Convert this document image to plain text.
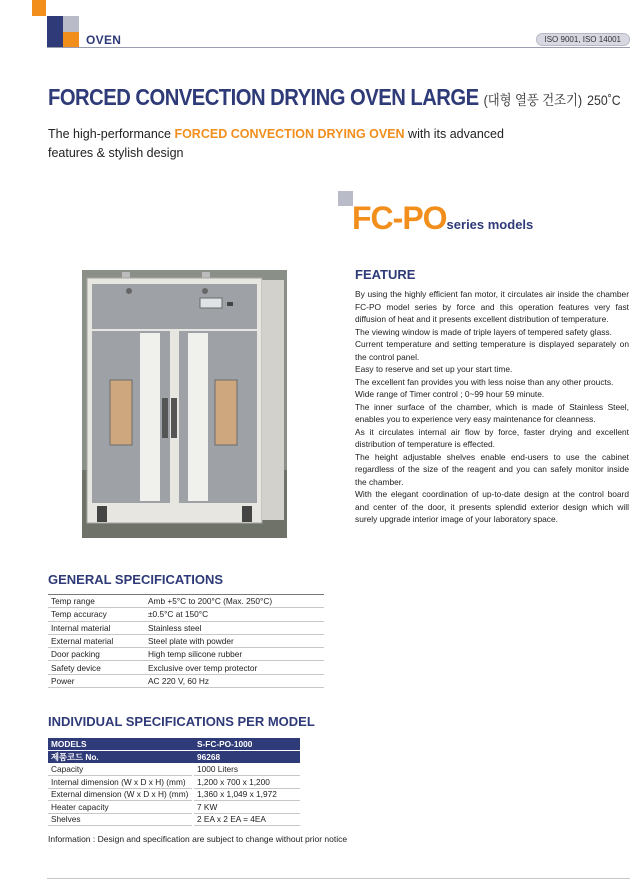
OVEN	ISO 9001, ISO 14001
FORCED CONVECTION DRYING OVEN LARGE (대형 열풍 건조기) 250˚C
The high-performance FORCED CONVECTION DRYING OVEN with its advanced features & stylish design
FC-POseries models
FEATURE

By using the highly efficient fan motor, it circulates air inside the chamber FC-PO model series by force and this operation features very fast diffusion of heat and it presents excellent distribution of temperature.

The viewing window is made of triple layers of tempered safety glass.

Current temperature and setting temperature is displayed separately on the control panel.

Easy to reserve and set up your start time.

The excellent fan provides you with less noise than any other proucts.

Wide range of Timer control ; 0~99 hour 59 minute.

The inner surface of the chamber, which is made of Stainless Steel, enables you to experience very easy maintenance for cleanness.

As it circulates internal air flow by force, faster drying and excellent distribution of temperature is effected.

The height adjustable shelves enable end-users to use the cabinet regardless of the size of the reagent and you can safely monitor inside the chamber.

With the elegant coordination of up-to-date design at the control board and center of the door, it presents splendid exterior design which will surely upgrade interior image of your laboratory space.

GENERAL SPECIFICATIONS
Temp range	Amb +5°C to 200°C (Max. 250°C)
Temp accuracy	±0.5°C at 150°C
Internal material	Stainless steel
External material	Steel plate with powder
Door packing	High temp silicone rubber
Safety device	Exclusive over temp protector
Power	AC 220 V, 60 Hz
INDIVIDUAL SPECIFICATIONS PER MODEL
MODELS		S-FC-PO-1000
제품코드 No.		96268
Capacity		1000 Liters
Internal dimension (W x D x H) (mm)		1,200 x 700 x 1,200
External dimension (W x D x H) (mm)		1,360 x 1,049 x 1,972
Heater capacity		7 KW
Shelves		2 EA x 2 EA = 4EA
Information : Design and specification are subject to change without prior notice
